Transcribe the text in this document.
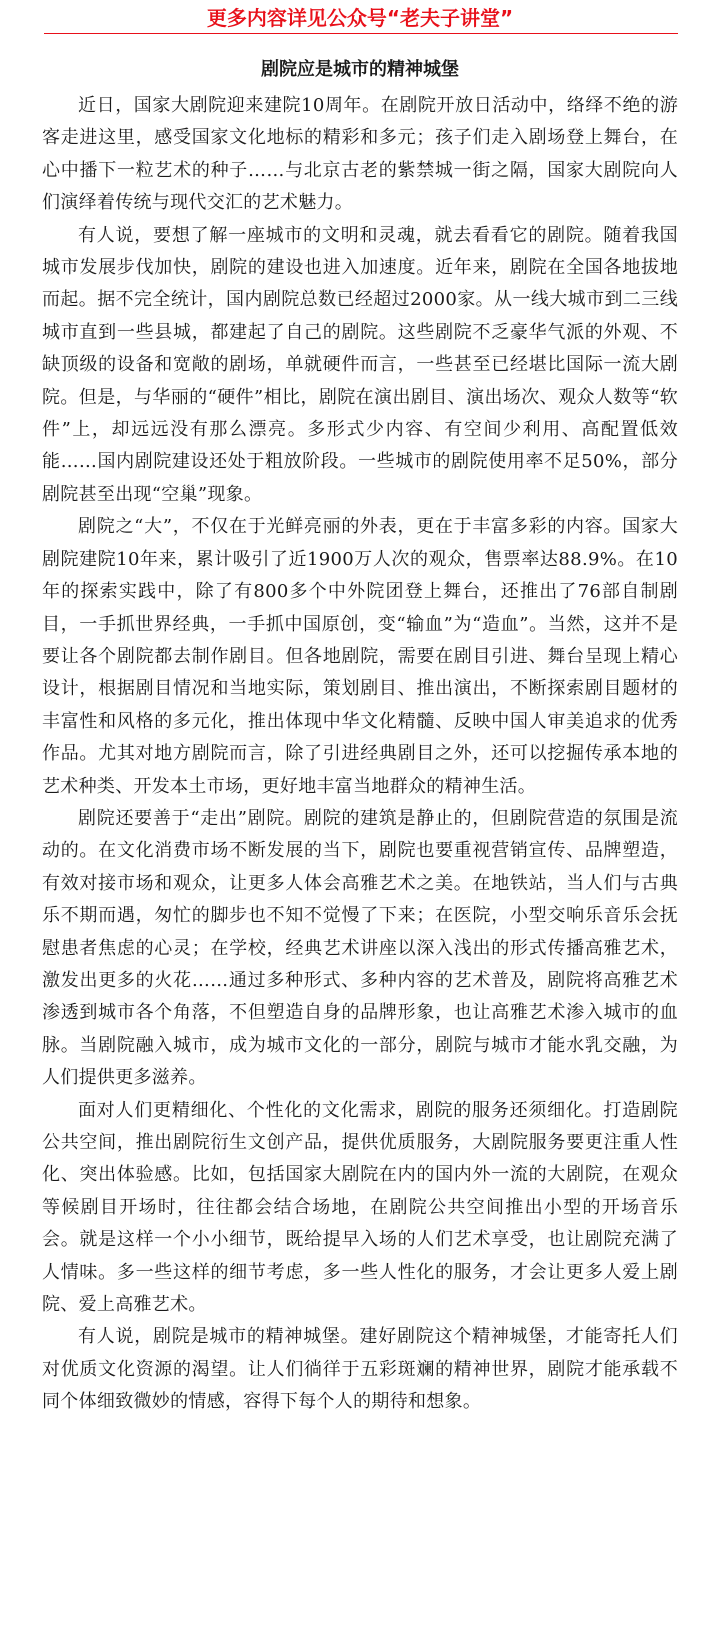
更多内容详见公众号“老夫子讲堂”
剧院应是城市的精神城堡

近日，国家大剧院迎来建院10周年。在剧院开放日活动中，络绎不绝的游客走进这里，感受国家文化地标的精彩和多元；孩子们走入剧场登上舞台，在心中播下一粒艺术的种子……与北京古老的紫禁城一街之隔，国家大剧院向人们演绎着传统与现代交汇的艺术魅力。

有人说，要想了解一座城市的文明和灵魂，就去看看它的剧院。随着我国城市发展步伐加快，剧院的建设也进入加速度。近年来，剧院在全国各地拔地而起。据不完全统计，国内剧院总数已经超过2000家。从一线大城市到二三线城市直到一些县城，都建起了自己的剧院。这些剧院不乏豪华气派的外观、不缺顶级的设备和宽敞的剧场，单就硬件而言，一些甚至已经堪比国际一流大剧院。但是，与华丽的“硬件”相比，剧院在演出剧目、演出场次、观众人数等“软件”上，却远远没有那么漂亮。多形式少内容、有空间少利用、高配置低效能……国内剧院建设还处于粗放阶段。一些城市的剧院使用率不足50%，部分剧院甚至出现“空巢”现象。

剧院之“大”，不仅在于光鲜亮丽的外表，更在于丰富多彩的内容。国家大剧院建院10年来，累计吸引了近1900万人次的观众，售票率达88.9%。在10年的探索实践中，除了有800多个中外院团登上舞台，还推出了76部自制剧目，一手抓世界经典，一手抓中国原创，变“输血”为“造血”。当然，这并不是要让各个剧院都去制作剧目。但各地剧院，需要在剧目引进、舞台呈现上精心设计，根据剧目情况和当地实际，策划剧目、推出演出，不断探索剧目题材的丰富性和风格的多元化，推出体现中华文化精髓、反映中国人审美追求的优秀作品。尤其对地方剧院而言，除了引进经典剧目之外，还可以挖掘传承本地的艺术种类、开发本土市场，更好地丰富当地群众的精神生活。

剧院还要善于“走出”剧院。剧院的建筑是静止的，但剧院营造的氛围是流动的。在文化消费市场不断发展的当下，剧院也要重视营销宣传、品牌塑造，有效对接市场和观众，让更多人体会高雅艺术之美。在地铁站，当人们与古典乐不期而遇，匆忙的脚步也不知不觉慢了下来；在医院，小型交响乐音乐会抚慰患者焦虑的心灵；在学校，经典艺术讲座以深入浅出的形式传播高雅艺术，激发出更多的火花……通过多种形式、多种内容的艺术普及，剧院将高雅艺术渗透到城市各个角落，不但塑造自身的品牌形象，也让高雅艺术渗入城市的血脉。当剧院融入城市，成为城市文化的一部分，剧院与城市才能水乳交融，为人们提供更多滋养。

面对人们更精细化、个性化的文化需求，剧院的服务还须细化。打造剧院公共空间，推出剧院衍生文创产品，提供优质服务，大剧院服务要更注重人性化、突出体验感。比如，包括国家大剧院在内的国内外一流的大剧院，在观众等候剧目开场时，往往都会结合场地，在剧院公共空间推出小型的开场音乐会。就是这样一个小小细节，既给提早入场的人们艺术享受，也让剧院充满了人情味。多一些这样的细节考虑，多一些人性化的服务，才会让更多人爱上剧院、爱上高雅艺术。

有人说，剧院是城市的精神城堡。建好剧院这个精神城堡，才能寄托人们对优质文化资源的渴望。让人们徜徉于五彩斑斓的精神世界，剧院才能承载不同个体细致微妙的情感，容得下每个人的期待和想象。
